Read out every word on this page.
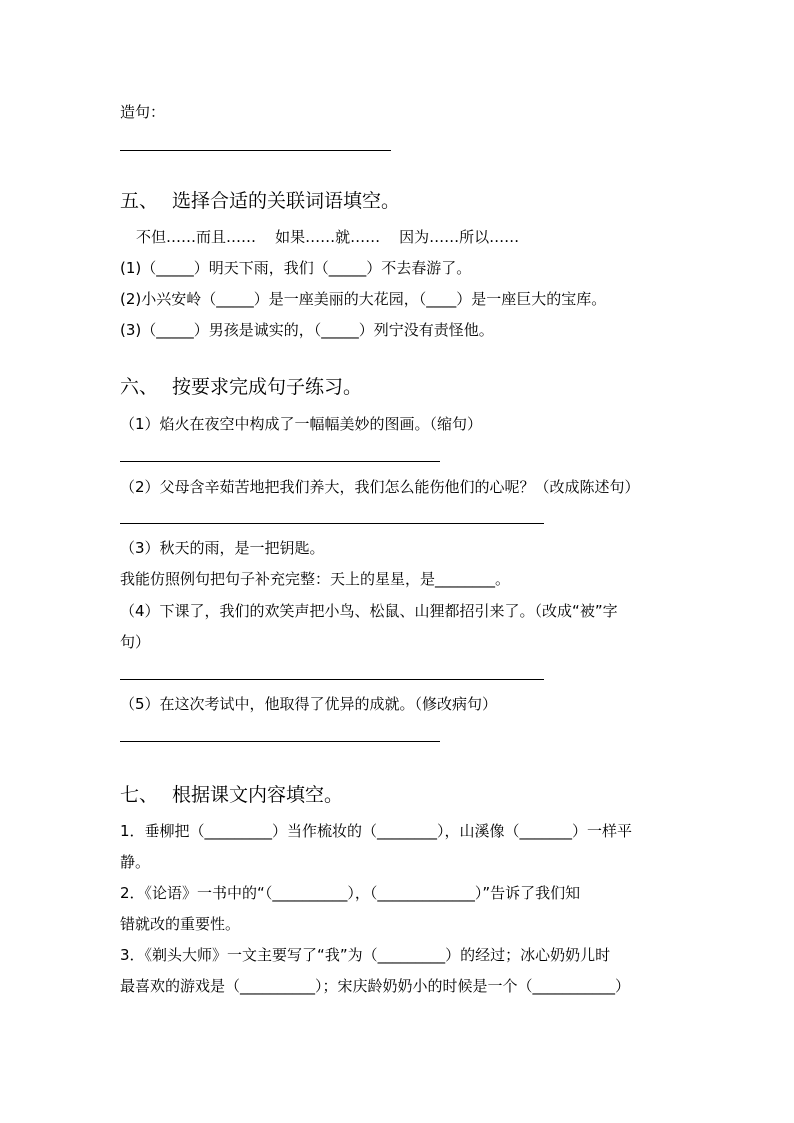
造句：
五、 选择合适的关联词语填空。
不但……而且……    如果……就……    因为……所以……
(1)（_____）明天下雨，我们（_____）不去春游了。
(2)小兴安岭（_____）是一座美丽的大花园，（____）是一座巨大的宝库。
(3)（_____）男孩是诚实的，（_____）列宁没有责怪他。
六、 按要求完成句子练习。
（1）焰火在夜空中构成了一幅幅美妙的图画。（缩句）
（2）父母含辛茹苦地把我们养大，我们怎么能伤他们的心呢？（改成陈述句）
（3）秋天的雨，是一把钥匙。
我能仿照例句把句子补充完整：天上的星星，是________。
（4）下课了，我们的欢笑声把小鸟、松鼠、山狸都招引来了。（改成“被”字
句）
（5）在这次考试中，他取得了优异的成就。（修改病句）
七、 根据课文内容填空。
1．垂柳把（_________）当作梳妆的（________），山溪像（_______）一样平
静。
2．《论语》一书中的“（__________），（_____________）”告诉了我们知
错就改的重要性。
3．《剃头大师》一文主要写了“我”为（_________）的经过；冰心奶奶儿时
最喜欢的游戏是（__________）；宋庆龄奶奶小的时候是一个（___________）
